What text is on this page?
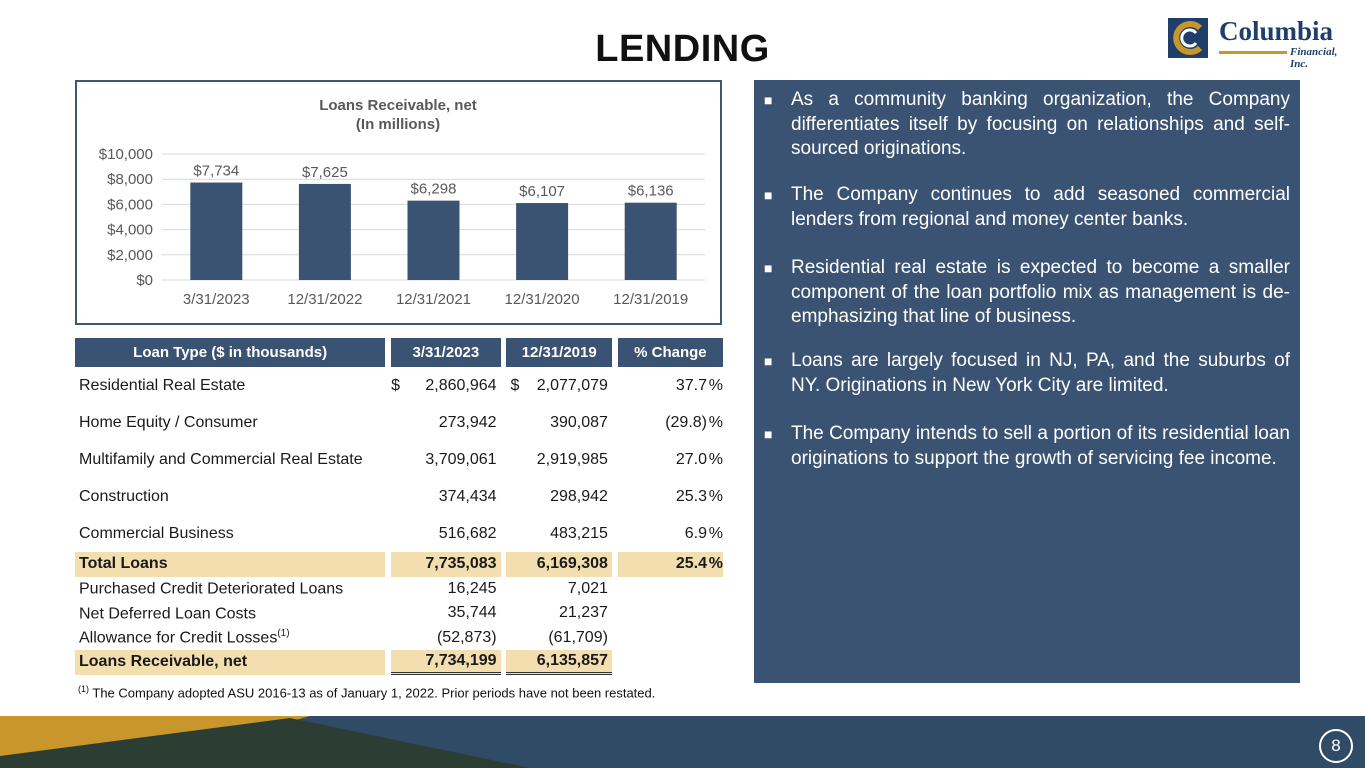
LENDING	Columbia
Financial, Inc.
Loans Receivable, net
(In millions)
$0
$2,000
$4,000
$6,000
$8,000
$10,000
$7,734
3/31/2023
$7,625
12/31/2022
$6,298
12/31/2021
$6,107
12/31/2020
$6,136
12/31/2019
Loan Type ($ in thousands)		3/31/2023		12/31/2019		% Change	
Residential Real Estate		$ 2,860,964		$ 2,077,079		37.7	%
Home Equity / Consumer		273,942		390,087		(29.8)	%
Multifamily and Commercial Real Estate		3,709,061		2,919,985		27.0	%
Construction		374,434		298,942		25.3	%
Commercial Business		516,682		483,215		6.9	%
Total Loans		7,735,083		6,169,308		25.4	%
Purchased Credit Deteriorated Loans		16,245		7,021			
Net Deferred Loan Costs		35,744		21,237			
Allowance for Credit Losses$^{(1)}$		(52,873)		(61,709)			
Loans Receivable, net		7,734,199		6,135,857			
$^{(1)}$ The Company adopted ASU 2016-13 as of January 1, 2022. Prior periods have not been restated.
■ As a community banking organization, the Company differentiates itself by focusing on relationships and self-sourced originations.
■ The Company continues to add seasoned commercial lenders from regional and money center banks.
■ Residential real estate is expected to become a smaller component of the loan portfolio mix as management is de-emphasizing that line of business.
■ Loans are largely focused in NJ, PA, and the suburbs of NY. Originations in New York City are limited.
■ The Company intends to sell a portion of its residential loan originations to support the growth of servicing fee income.
8
